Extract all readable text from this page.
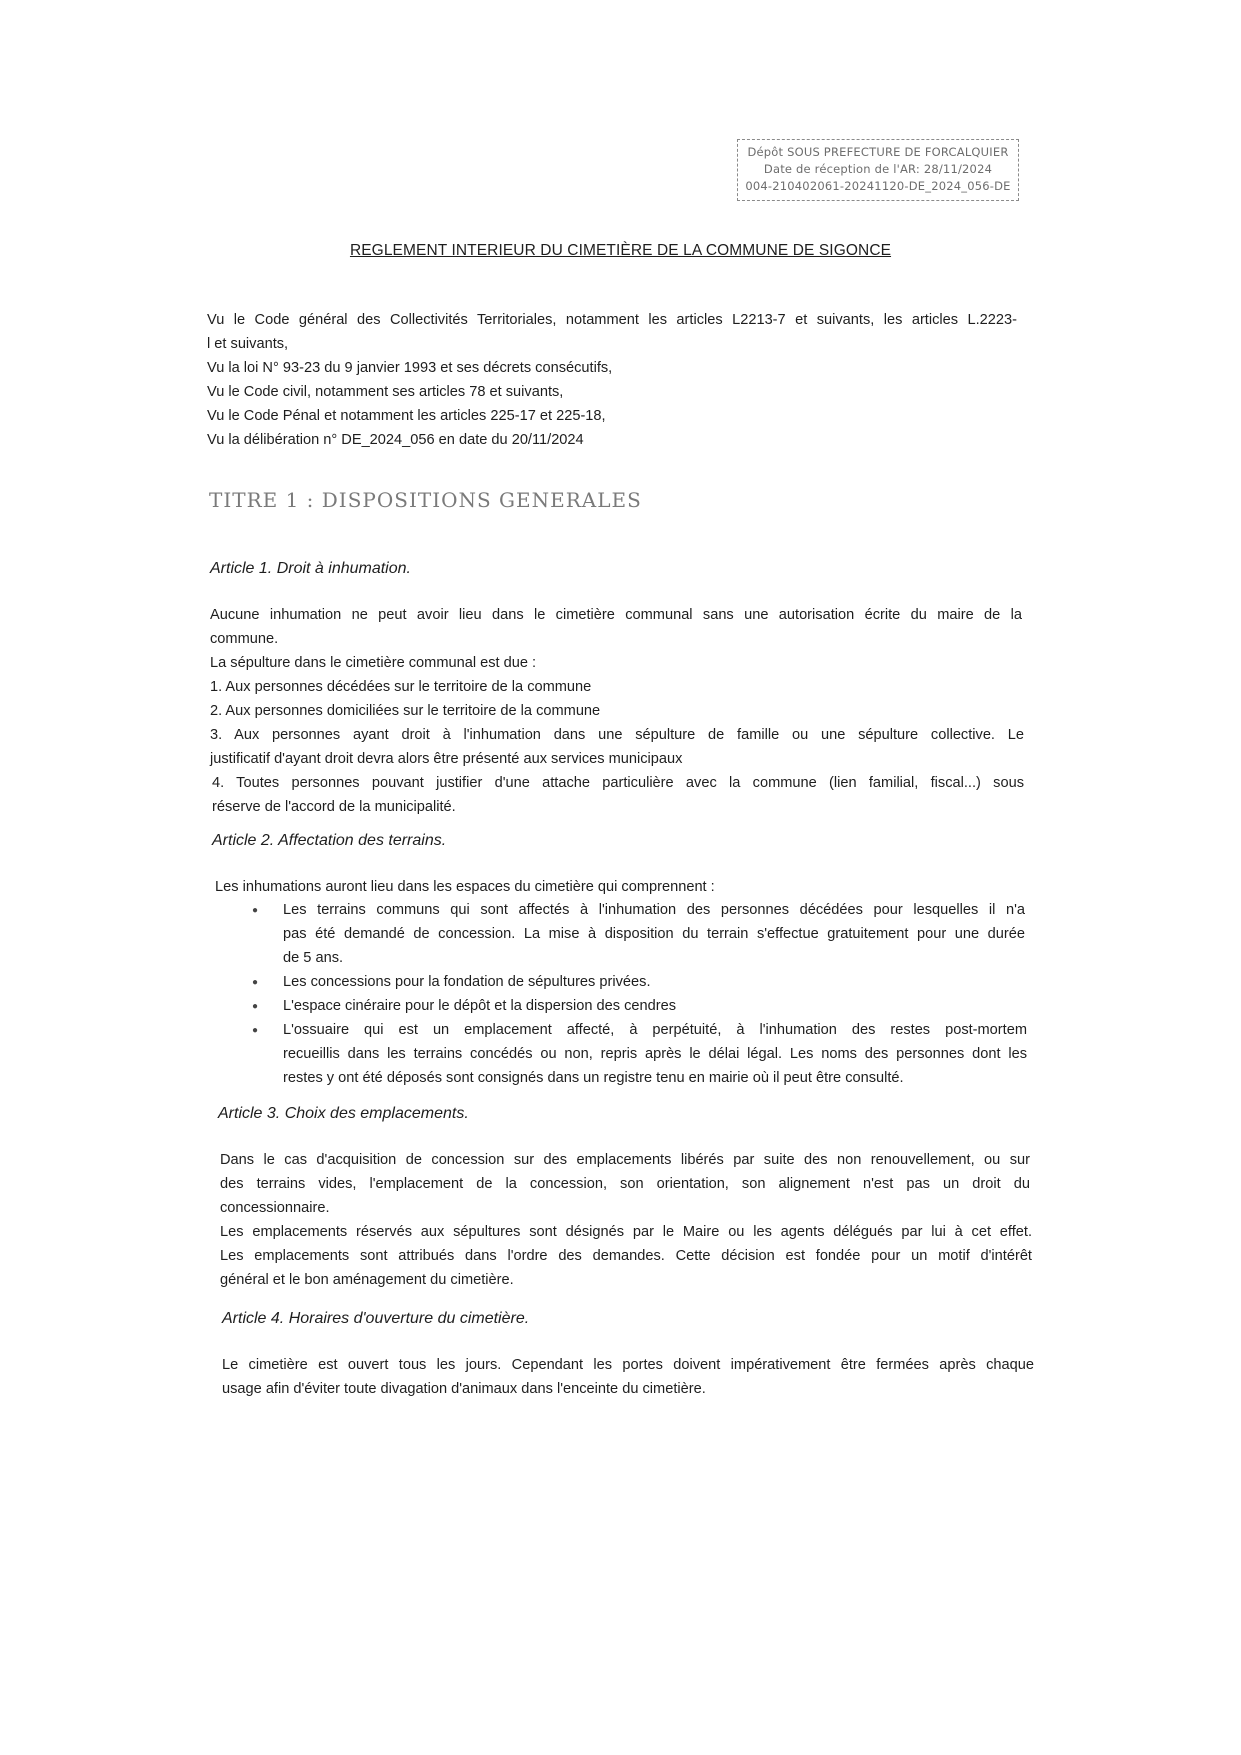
Dépôt SOUS PREFECTURE DE FORCALQUIER
Date de réception de l'AR: 28/11/2024
004-210402061-20241120-DE_2024_056-DE
REGLEMENT INTERIEUR DU CIMETIÈRE DE LA COMMUNE DE SIGONCE
Vu le Code général des Collectivités Territoriales, notamment les articles L2213-7 et suivants, les articles L.2223-
l et suivants,
Vu la loi N° 93-23 du 9 janvier 1993 et ses décrets consécutifs,
Vu le Code civil, notamment ses articles 78 et suivants,
Vu le Code Pénal et notamment les articles 225-17 et 225-18,
Vu la délibération n° DE_2024_056 en date du 20/11/2024
TITRE 1 : DISPOSITIONS GENERALES
Article 1. Droit à inhumation.
Aucune inhumation ne peut avoir lieu dans le cimetière communal sans une autorisation écrite du maire de la
commune.
La sépulture dans le cimetière communal est due :
1. Aux personnes décédées sur le territoire de la commune
2. Aux personnes domiciliées sur le territoire de la commune
3. Aux personnes ayant droit à l'inhumation dans une sépulture de famille ou une sépulture collective. Le
justificatif d'ayant droit devra alors être présenté aux services municipaux
4. Toutes personnes pouvant justifier d'une attache particulière avec la commune (lien familial, fiscal...) sous
réserve de l'accord de la municipalité.
Article 2. Affectation des terrains.
Les inhumations auront lieu dans les espaces du cimetière qui comprennent :
● Les terrains communs qui sont affectés à l'inhumation des personnes décédées pour lesquelles il n'a
pas été demandé de concession. La mise à disposition du terrain s'effectue gratuitement pour une durée
de 5 ans.
● Les concessions pour la fondation de sépultures privées.
● L'espace cinéraire pour le dépôt et la dispersion des cendres
● L'ossuaire qui est un emplacement affecté, à perpétuité, à l'inhumation des restes post-mortem
recueillis dans les terrains concédés ou non, repris après le délai légal. Les noms des personnes dont les
restes y ont été déposés sont consignés dans un registre tenu en mairie où il peut être consulté.
Article 3. Choix des emplacements.
Dans le cas d'acquisition de concession sur des emplacements libérés par suite des non renouvellement, ou sur
des terrains vides, l'emplacement de la concession, son orientation, son alignement n'est pas un droit du
concessionnaire.
Les emplacements réservés aux sépultures sont désignés par le Maire ou les agents délégués par lui à cet effet.
Les emplacements sont attribués dans l'ordre des demandes. Cette décision est fondée pour un motif d'intérêt
général et le bon aménagement du cimetière.
Article 4. Horaires d'ouverture du cimetière.
Le cimetière est ouvert tous les jours. Cependant les portes doivent impérativement être fermées après chaque
usage afin d'éviter toute divagation d'animaux dans l'enceinte du cimetière.
